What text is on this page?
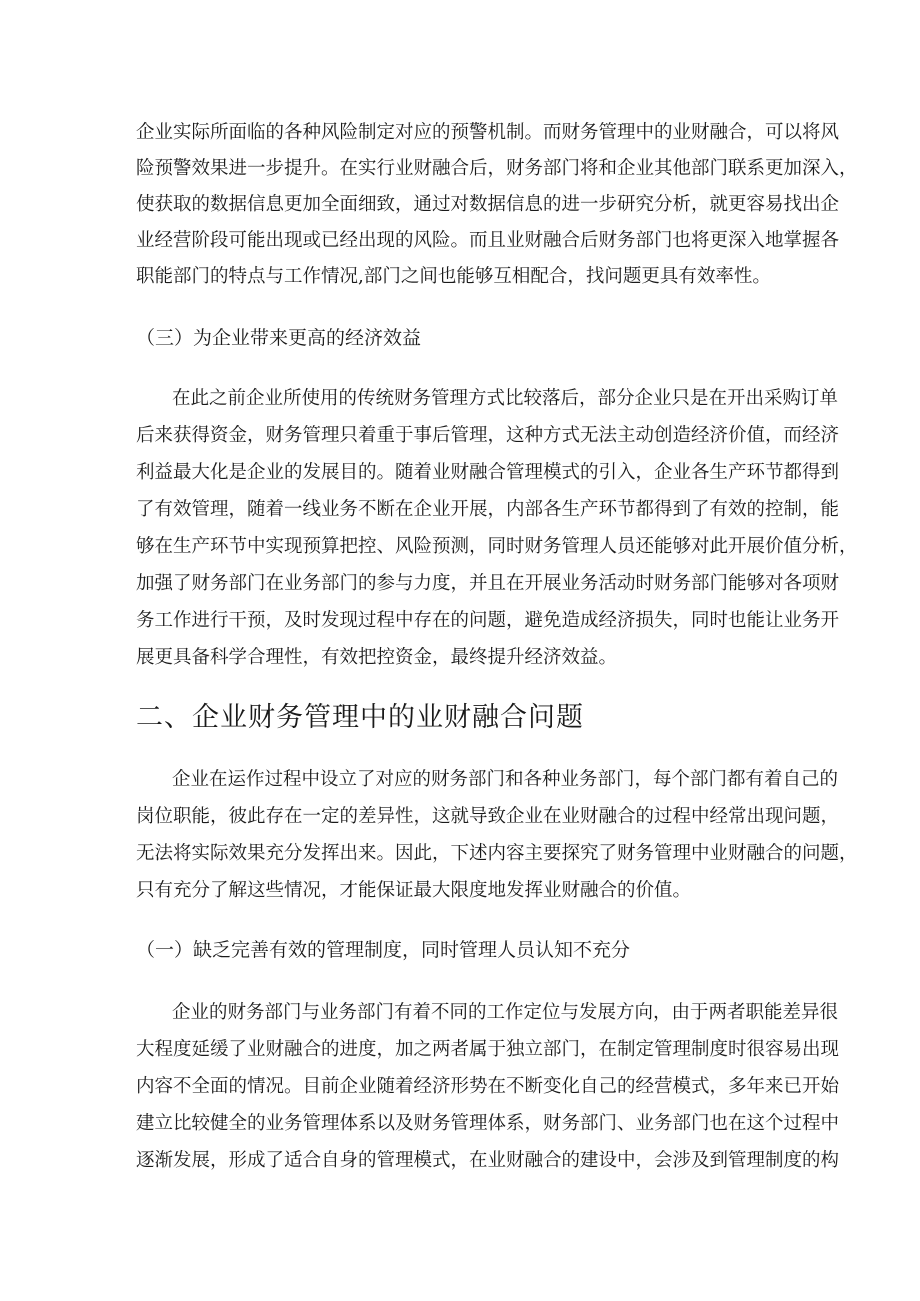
企业实际所面临的各种风险制定对应的预警机制。而财务管理中的业财融合，可以将风
险预警效果进一步提升。在实行业财融合后，财务部门将和企业其他部门联系更加深入，
使获取的数据信息更加全面细致，通过对数据信息的进一步研究分析，就更容易找出企
业经营阶段可能出现或已经出现的风险。而且业财融合后财务部门也将更深入地掌握各
职能部门的特点与工作情况,部门之间也能够互相配合，找问题更具有效率性。
（三）为企业带来更高的经济效益
在此之前企业所使用的传统财务管理方式比较落后，部分企业只是在开出采购订单
后来获得资金，财务管理只着重于事后管理，这种方式无法主动创造经济价值，而经济
利益最大化是企业的发展目的。随着业财融合管理模式的引入，企业各生产环节都得到
了有效管理，随着一线业务不断在企业开展，内部各生产环节都得到了有效的控制，能
够在生产环节中实现预算把控、风险预测，同时财务管理人员还能够对此开展价值分析，
加强了财务部门在业务部门的参与力度，并且在开展业务活动时财务部门能够对各项财
务工作进行干预，及时发现过程中存在的问题，避免造成经济损失，同时也能让业务开
展更具备科学合理性，有效把控资金，最终提升经济效益。
二、企业财务管理中的业财融合问题
企业在运作过程中设立了对应的财务部门和各种业务部门，每个部门都有着自己的
岗位职能，彼此存在一定的差异性，这就导致企业在业财融合的过程中经常出现问题，
无法将实际效果充分发挥出来。因此，下述内容主要探究了财务管理中业财融合的问题，
只有充分了解这些情况，才能保证最大限度地发挥业财融合的价值。
（一）缺乏完善有效的管理制度，同时管理人员认知不充分
企业的财务部门与业务部门有着不同的工作定位与发展方向，由于两者职能差异很
大程度延缓了业财融合的进度，加之两者属于独立部门，在制定管理制度时很容易出现
内容不全面的情况。目前企业随着经济形势在不断变化自己的经营模式，多年来已开始
建立比较健全的业务管理体系以及财务管理体系，财务部门、业务部门也在这个过程中
逐渐发展，形成了适合自身的管理模式，在业财融合的建设中，会涉及到管理制度的构
